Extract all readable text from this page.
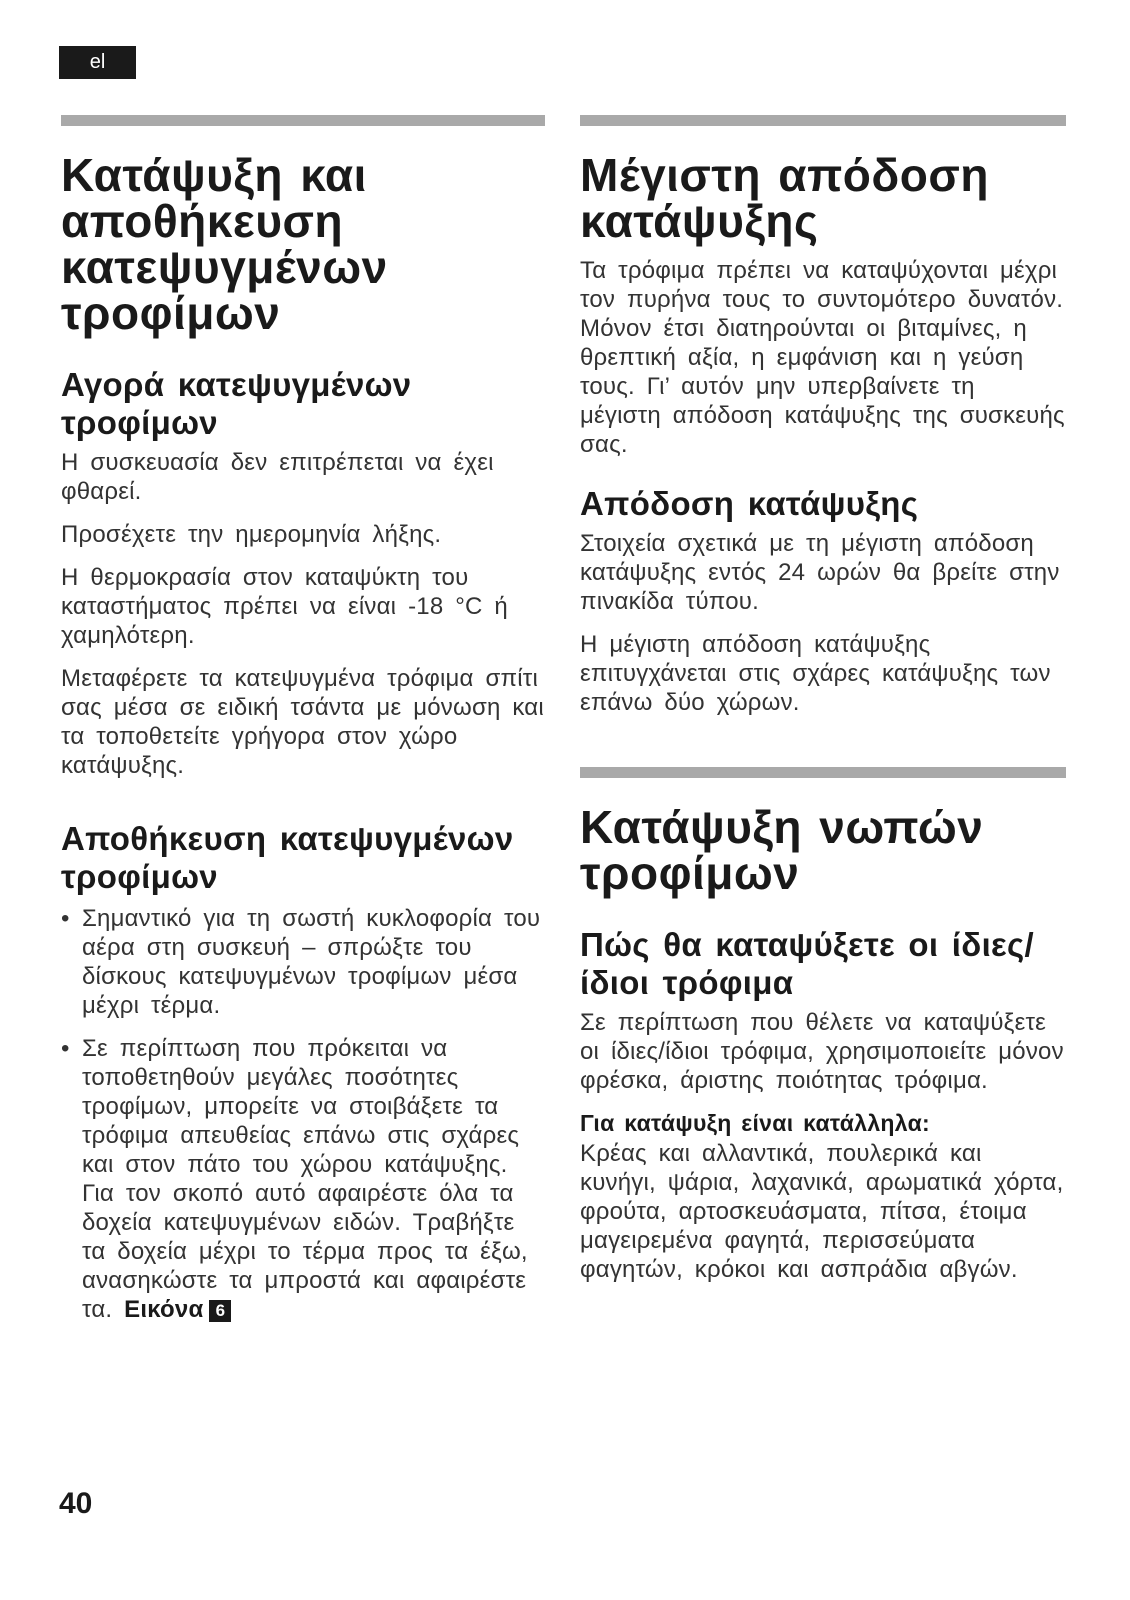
el
Κατάψυξη και αποθήκευση κατεψυγμένων τροφίμων
Αγορά κατεψυγμένων τροφίμων

Η συσκευασία δεν επιτρέπεται να έχει φθαρεί.

Προσέχετε την ημερομηνία λήξης.

Η θερμοκρασία στον καταψύκτη του καταστήματος πρέπει να είναι -18 °C ή χαμηλότερη.

Μεταφέρετε τα κατεψυγμένα τρόφιμα σπίτι σας μέσα σε ειδική τσάντα με μόνωση και τα τοποθετείτε γρήγορα στον χώρο κατάψυξης.

Αποθήκευση κατεψυγμένων τροφίμων
• Σημαντικό για τη σωστή κυκλοφορία του αέρα στη συσκευή – σπρώξτε του δίσκους κατεψυγμένων τροφίμων μέσα μέχρι τέρμα.
• Σε περίπτωση που πρόκειται να τοποθετηθούν μεγάλες ποσότητες τροφίμων, μπορείτε να στοιβάξετε τα τρόφιμα απευθείας επάνω στις σχάρες και στον πάτο του χώρου κατάψυξης. Για τον σκοπό αυτό αφαιρέστε όλα τα δοχεία κατεψυγμένων ειδών. Τραβήξτε τα δοχεία μέχρι το τέρμα προς τα έξω, ανασηκώστε τα μπροστά και αφαιρέστε τα. Εικόνα 6
Μέγιστη απόδοση κατάψυξης

Τα τρόφιμα πρέπει να καταψύχονται μέχρι τον πυρήνα τους το συντομότερο δυνατόν. Μόνον έτσι διατηρούνται οι βιταμίνες, η θρεπτική αξία, η εμφάνιση και η γεύση τους. Γι’ αυτόν μην υπερβαίνετε τη μέγιστη απόδοση κατάψυξης της συσκευής σας.

Απόδοση κατάψυξης

Στοιχεία σχετικά με τη μέγιστη απόδοση κατάψυξης εντός 24 ωρών θα βρείτε στην πινακίδα τύπου.

Η μέγιστη απόδοση κατάψυξης επιτυγχάνεται στις σχάρες κατάψυξης των επάνω δύο χώρων.

Κατάψυξη νωπών τροφίμων
Πώς θα καταψύξετε οι ίδιες/ίδιοι τρόφιμα

Σε περίπτωση που θέλετε να καταψύξετε οι ίδιες/ίδιοι τρόφιμα, χρησιμοποιείτε μόνον φρέσκα, άριστης ποιότητας τρόφιμα.

Για κατάψυξη είναι κατάλληλα:

Κρέας και αλλαντικά, πουλερικά και κυνήγι, ψάρια, λαχανικά, αρωματικά χόρτα, φρούτα, αρτοσκευάσματα, πίτσα, έτοιμα μαγειρεμένα φαγητά, περισσεύματα φαγητών, κρόκοι και ασπράδια αβγών.

40
